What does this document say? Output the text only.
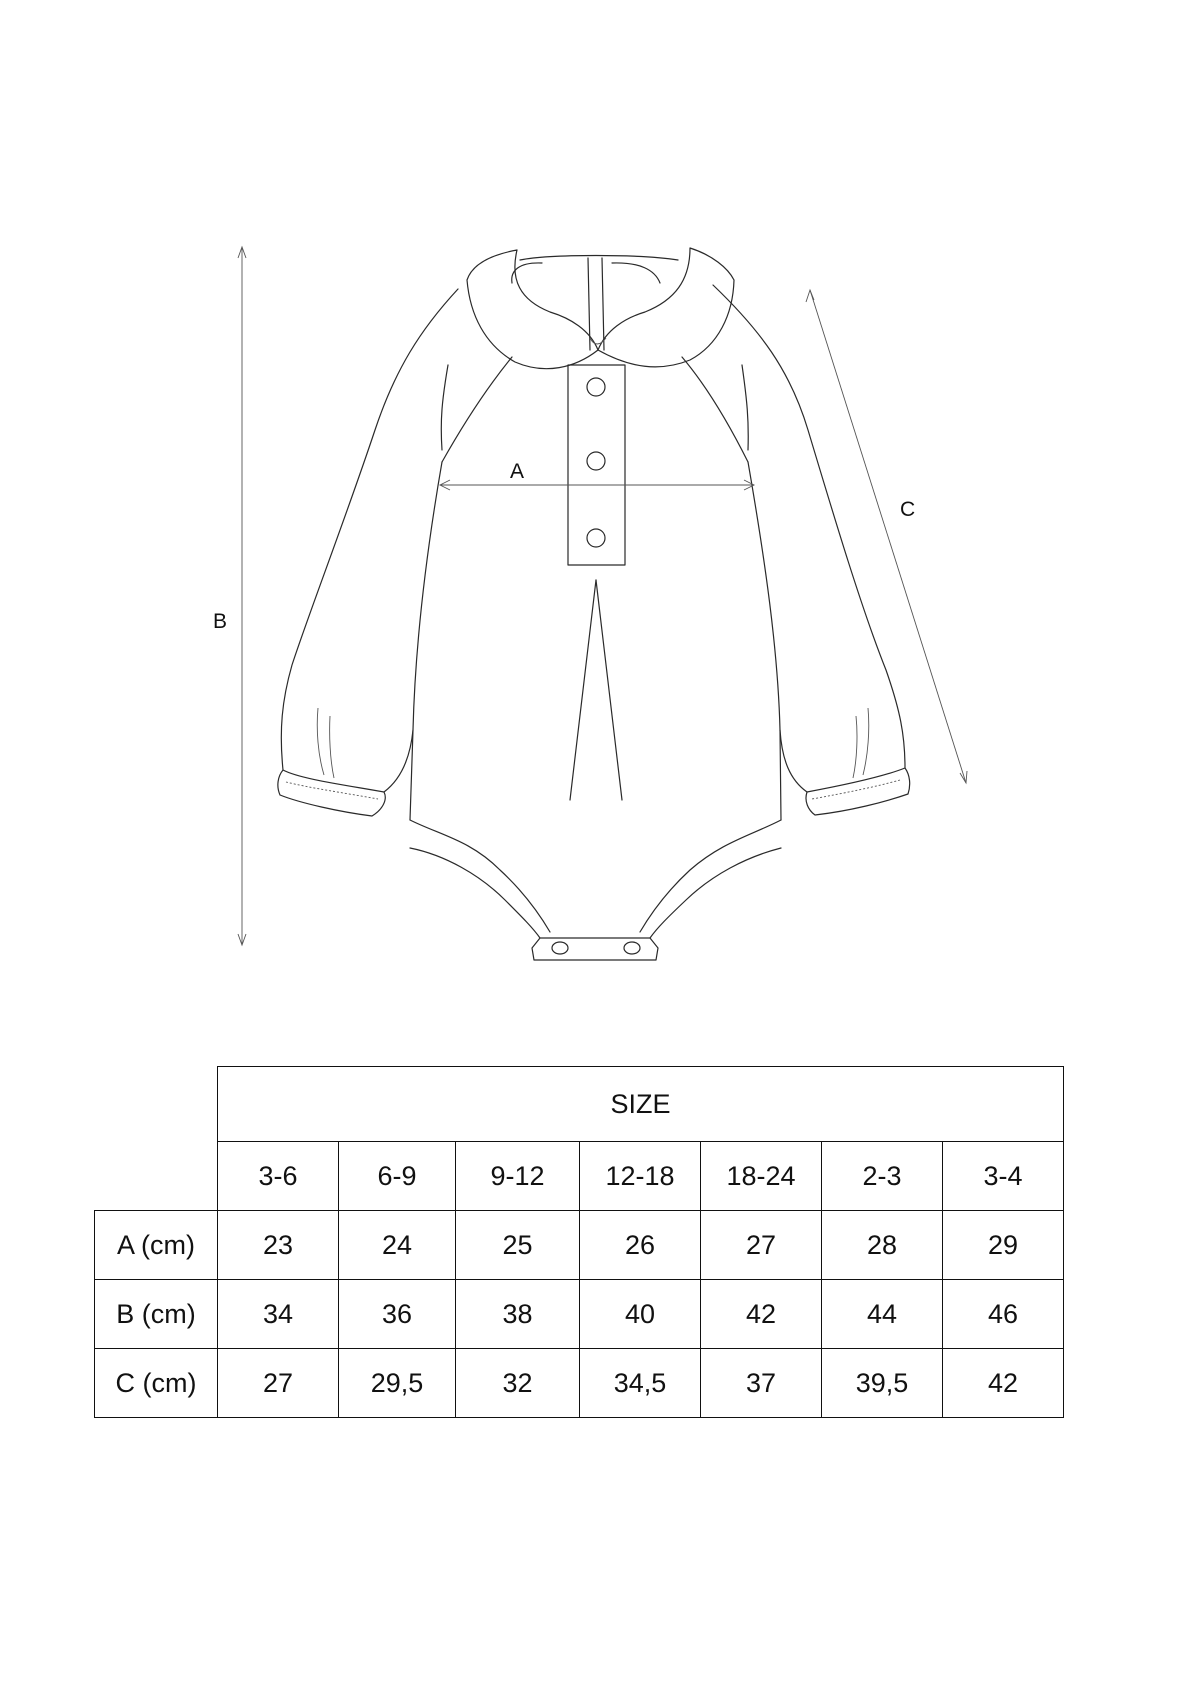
A
B
C
	SIZE						
	3-6	6-9	9-12	12-18	18-24	2-3	3-4
A (cm)	23	24	25	26	27	28	29
B (cm)	34	36	38	40	42	44	46
C (cm)	27	29,5	32	34,5	37	39,5	42
